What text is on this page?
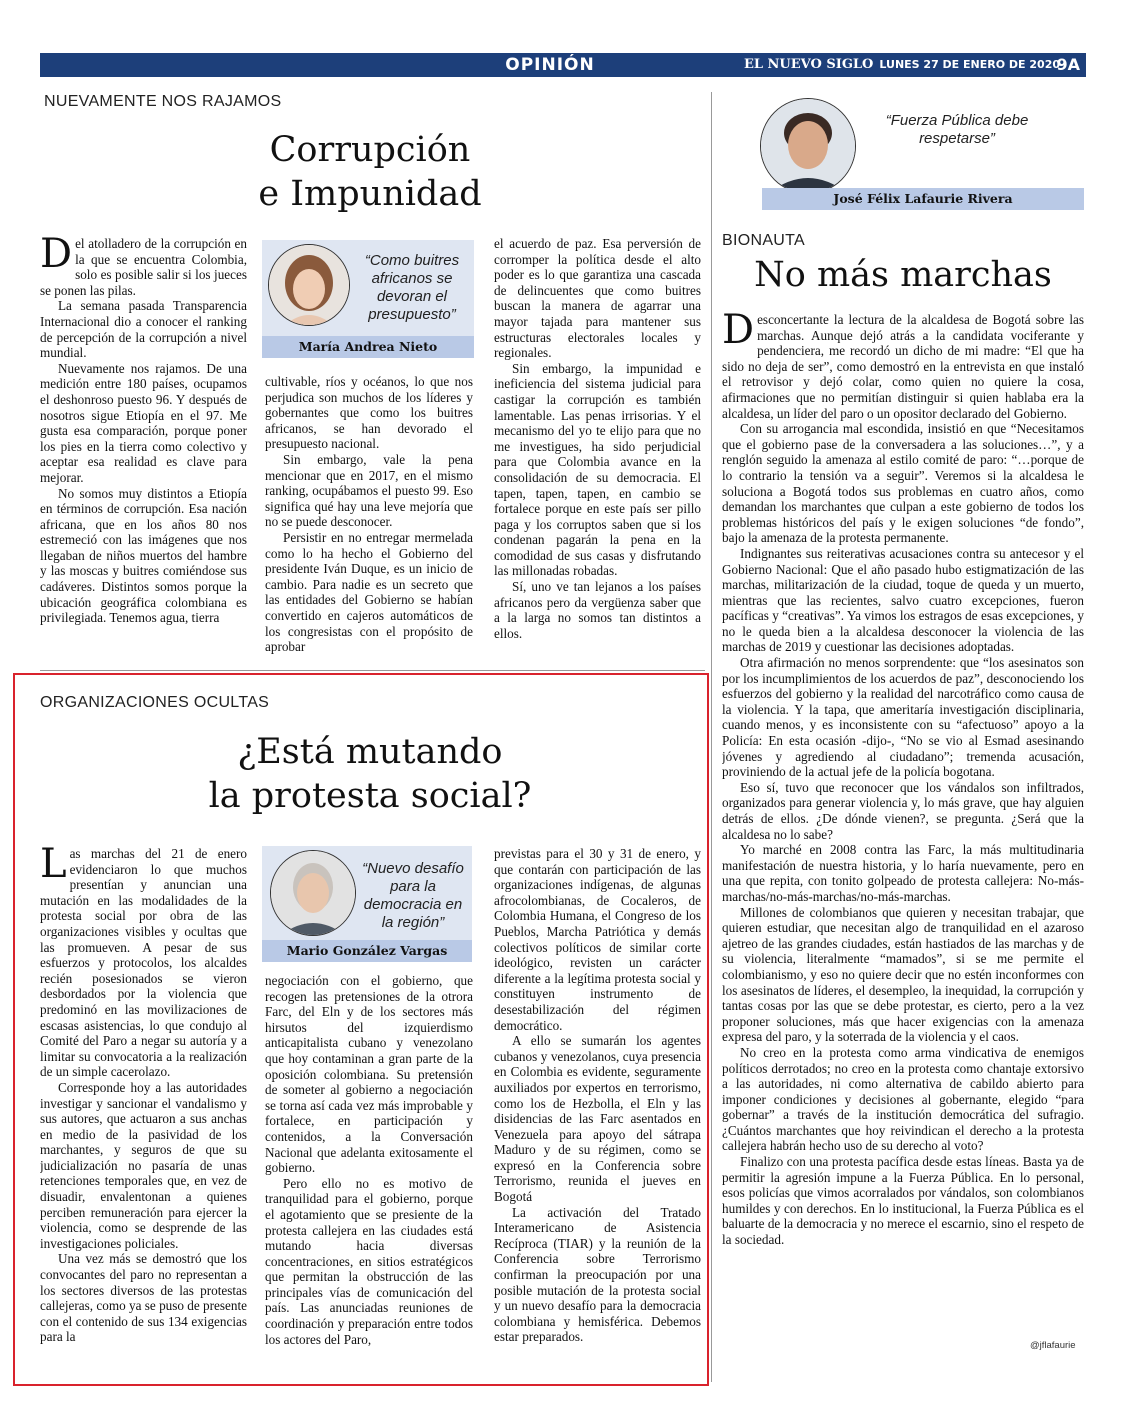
OPINIÓN	EL NUEVO SIGLO LUNES 27 DE ENERO DE 2020
9A
NUEVAMENTE NOS RAJAMOS
Corrupción
e Impunidad

Del atolladero de la corrupción en la que se encuentra Colombia, solo es posible salir si los jueces se ponen las pilas.

La semana pasada Transparencia Internacional dio a conocer el ranking de percepción de la corrupción a nivel mundial.

Nuevamente nos rajamos. De una medición entre 180 países, ocupamos el deshonroso puesto 96. Y después de nosotros sigue Etiopía en el 97. Me gusta esa comparación, porque poner los pies en la tierra como colectivo y aceptar esa realidad es clave para mejorar.

No somos muy distintos a Etiopía en términos de corrupción. Esa nación africana, que en los años 80 nos estremeció con las imágenes que nos llegaban de niños muertos del hambre y las moscas y buitres comiéndose sus cadáveres. Distintos somos porque la ubicación geográfica colombiana es privilegiada. Tenemos agua, tierra

“Como buitres africanos se devoran el presupuesto”
María Andrea Nieto

cultivable, ríos y océanos, lo que nos perjudica son muchos de los líderes y gobernantes que como los buitres africanos, se han devorado el presupuesto nacional.

Sin embargo, vale la pena mencionar que en 2017, en el mismo ranking, ocupábamos el puesto 99. Eso significa qué hay una leve mejoría que no se puede desconocer.

Persistir en no entregar mermelada como lo ha hecho el Gobierno del presidente Iván Duque, es un inicio de cambio. Para nadie es un secreto que las entidades del Gobierno se habían convertido en cajeros automáticos de los congresistas con el propósito de aprobar

el acuerdo de paz. Esa perversión de corromper la política desde el alto poder es lo que garantiza una cascada de delincuentes que como buitres buscan la manera de agarrar una mayor tajada para mantener sus estructuras electorales locales y regionales.

Sin embargo, la impunidad e ineficiencia del sistema judicial para castigar la corrupción es también lamentable. Las penas irrisorias. Y el mecanismo del yo te elijo para que no me investigues, ha sido perjudicial para que Colombia avance en la consolidación de su democracia. El tapen, tapen, tapen, en cambio se fortalece porque en este país ser pillo paga y los corruptos saben que si los condenan pagarán la pena en la comodidad de sus casas y disfrutando las millonadas robadas.

Sí, uno ve tan lejanos a los países africanos pero da vergüenza saber que a la larga no somos tan distintos a ellos.

ORGANIZACIONES OCULTAS
¿Está mutando
la protesta social?

Las marchas del 21 de enero evidenciaron lo que muchos presentían y anuncian una mutación en las modalidades de la protesta social por obra de las organizaciones visibles y ocultas que las promueven. A pesar de sus esfuerzos y protocolos, los alcaldes recién posesionados se vieron desbordados por la violencia que predominó en las movilizaciones de escasas asistencias, lo que condujo al Comité del Paro a negar su autoría y a limitar su convocatoria a la realización de un simple cacerolazo.

Corresponde hoy a las autoridades investigar y sancionar el vandalismo y sus autores, que actuaron a sus anchas en medio de la pasividad de los marchantes, y seguros de que su judicialización no pasaría de unas retenciones temporales que, en vez de disuadir, envalentonan a quienes perciben remuneración para ejercer la violencia, como se desprende de las investigaciones policiales.

Una vez más se demostró que los convocantes del paro no representan a los sectores diversos de las protestas callejeras, como ya se puso de presente con el contenido de sus 134 exigencias para la

“Nuevo desafío para la democracia en la región”
Mario González Vargas

negociación con el gobierno, que recogen las pretensiones de la otrora Farc, del Eln y de los sectores más hirsutos del izquierdismo anticapitalista cubano y venezolano que hoy contaminan a gran parte de la oposición colombiana. Su pretensión de someter al gobierno a negociación se torna así cada vez más improbable y fortalece, en participación y contenidos, a la Conversación Nacional que adelanta exitosamente el gobierno.

Pero ello no es motivo de tranquilidad para el gobierno, porque el agotamiento que se presiente de la protesta callejera en las ciudades está mutando hacia diversas concentraciones, en sitios estratégicos que permitan la obstrucción de las principales vías de comunicación del país. Las anunciadas reuniones de coordinación y preparación entre todos los actores del Paro,

previstas para el 30 y 31 de enero, y que contarán con participación de las organizaciones indígenas, de algunas afrocolombianas, de Cocaleros, de Colombia Humana, el Congreso de los Pueblos, Marcha Patriótica y demás colectivos políticos de similar corte ideológico, revisten un carácter diferente a la legítima protesta social y constituyen instrumento de desestabilización del régimen democrático.

A ello se sumarán los agentes cubanos y venezolanos, cuya presencia en Colombia es evidente, seguramente auxiliados por expertos en terrorismo, como los de Hezbolla, el Eln y las disidencias de las Farc asentados en Venezuela para apoyo del sátrapa Maduro y de su régimen, como se expresó en la Conferencia sobre Terrorismo, reunida el jueves en Bogotá

La activación del Tratado Interamericano de Asistencia Recíproca (TIAR) y la reunión de la Conferencia sobre Terrorismo confirman la preocupación por una posible mutación de la protesta social y un nuevo desafío para la democracia colombiana y hemisférica. Debemos estar preparados.

“Fuerza Pública debe respetarse”
José Félix Lafaurie Rivera
BIONAUTA
No más marchas

Desconcertante la lectura de la alcaldesa de Bogotá sobre las marchas. Aunque dejó atrás a la candidata vociferante y pendenciera, me recordó un dicho de mi madre: “El que ha sido no deja de ser”, como demostró en la entrevista en que instaló el retrovisor y dejó colar, como quien no quiere la cosa, afirmaciones que no permitían distinguir si quien hablaba era la alcaldesa, un líder del paro o un opositor declarado del Gobierno.

Con su arrogancia mal escondida, insistió en que “Necesitamos que el gobierno pase de la conversadera a las soluciones…”, y a renglón seguido la amenaza al estilo comité de paro: “…porque de lo contrario la tensión va a seguir”. Veremos si la alcaldesa le soluciona a Bogotá todos sus problemas en cuatro años, como demandan los marchantes que culpan a este gobierno de todos los problemas históricos del país y le exigen soluciones “de fondo”, bajo la amenaza de la protesta permanente.

Indignantes sus reiterativas acusaciones contra su antecesor y el Gobierno Nacional: Que el año pasado hubo estigmatización de las marchas, militarización de la ciudad, toque de queda y un muerto, mientras que las recientes, salvo cuatro excepciones, fueron pacíficas y “creativas”. Ya vimos los estragos de esas excepciones, y no le queda bien a la alcaldesa desconocer la violencia de las marchas de 2019 y cuestionar las decisiones adoptadas.

Otra afirmación no menos sorprendente: que “los asesinatos son por los incumplimientos de los acuerdos de paz”, desconociendo los esfuerzos del gobierno y la realidad del narcotráfico como causa de la violencia. Y la tapa, que ameritaría investigación disciplinaria, cuando menos, y es inconsistente con su “afectuoso” apoyo a la Policía: En esta ocasión -dijo-, “No se vio al Esmad asesinando jóvenes y agrediendo al ciudadano”; tremenda acusación, proviniendo de la actual jefe de la policía bogotana.

Eso sí, tuvo que reconocer que los vándalos son infiltrados, organizados para generar violencia y, lo más grave, que hay alguien detrás de ellos. ¿De dónde vienen?, se pregunta. ¿Será que la alcaldesa no lo sabe?

Yo marché en 2008 contra las Farc, la más multitudinaria manifestación de nuestra historia, y lo haría nuevamente, pero en una que repita, con tonito golpeado de protesta callejera: No-más-marchas/no-más-marchas/no-más-marchas.

Millones de colombianos que quieren y necesitan trabajar, que quieren estudiar, que necesitan algo de tranquilidad en el azaroso ajetreo de las grandes ciudades, están hastiados de las marchas y de su violencia, literalmente “mamados”, si se me permite el colombianismo, y eso no quiere decir que no estén inconformes con los asesinatos de líderes, el desempleo, la inequidad, la corrupción y tantas cosas por las que se debe protestar, es cierto, pero a la vez proponer soluciones, más que hacer exigencias con la amenaza expresa del paro, y la soterrada de la violencia y el caos.

No creo en la protesta como arma vindicativa de enemigos políticos derrotados; no creo en la protesta como chantaje extorsivo a las autoridades, ni como alternativa de cabildo abierto para imponer condiciones y decisiones al gobernante, elegido “para gobernar” a través de la institución democrática del sufragio. ¿Cuántos marchantes que hoy reivindican el derecho a la protesta callejera habrán hecho uso de su derecho al voto?

Finalizo con una protesta pacífica desde estas líneas. Basta ya de permitir la agresión impune a la Fuerza Pública. En lo personal, esos policías que vimos acorralados por vándalos, son colombianos humildes y con derechos. En lo institucional, la Fuerza Pública es el baluarte de la democracia y no merece el escarnio, sino el respeto de la sociedad.

@jflafaurie
